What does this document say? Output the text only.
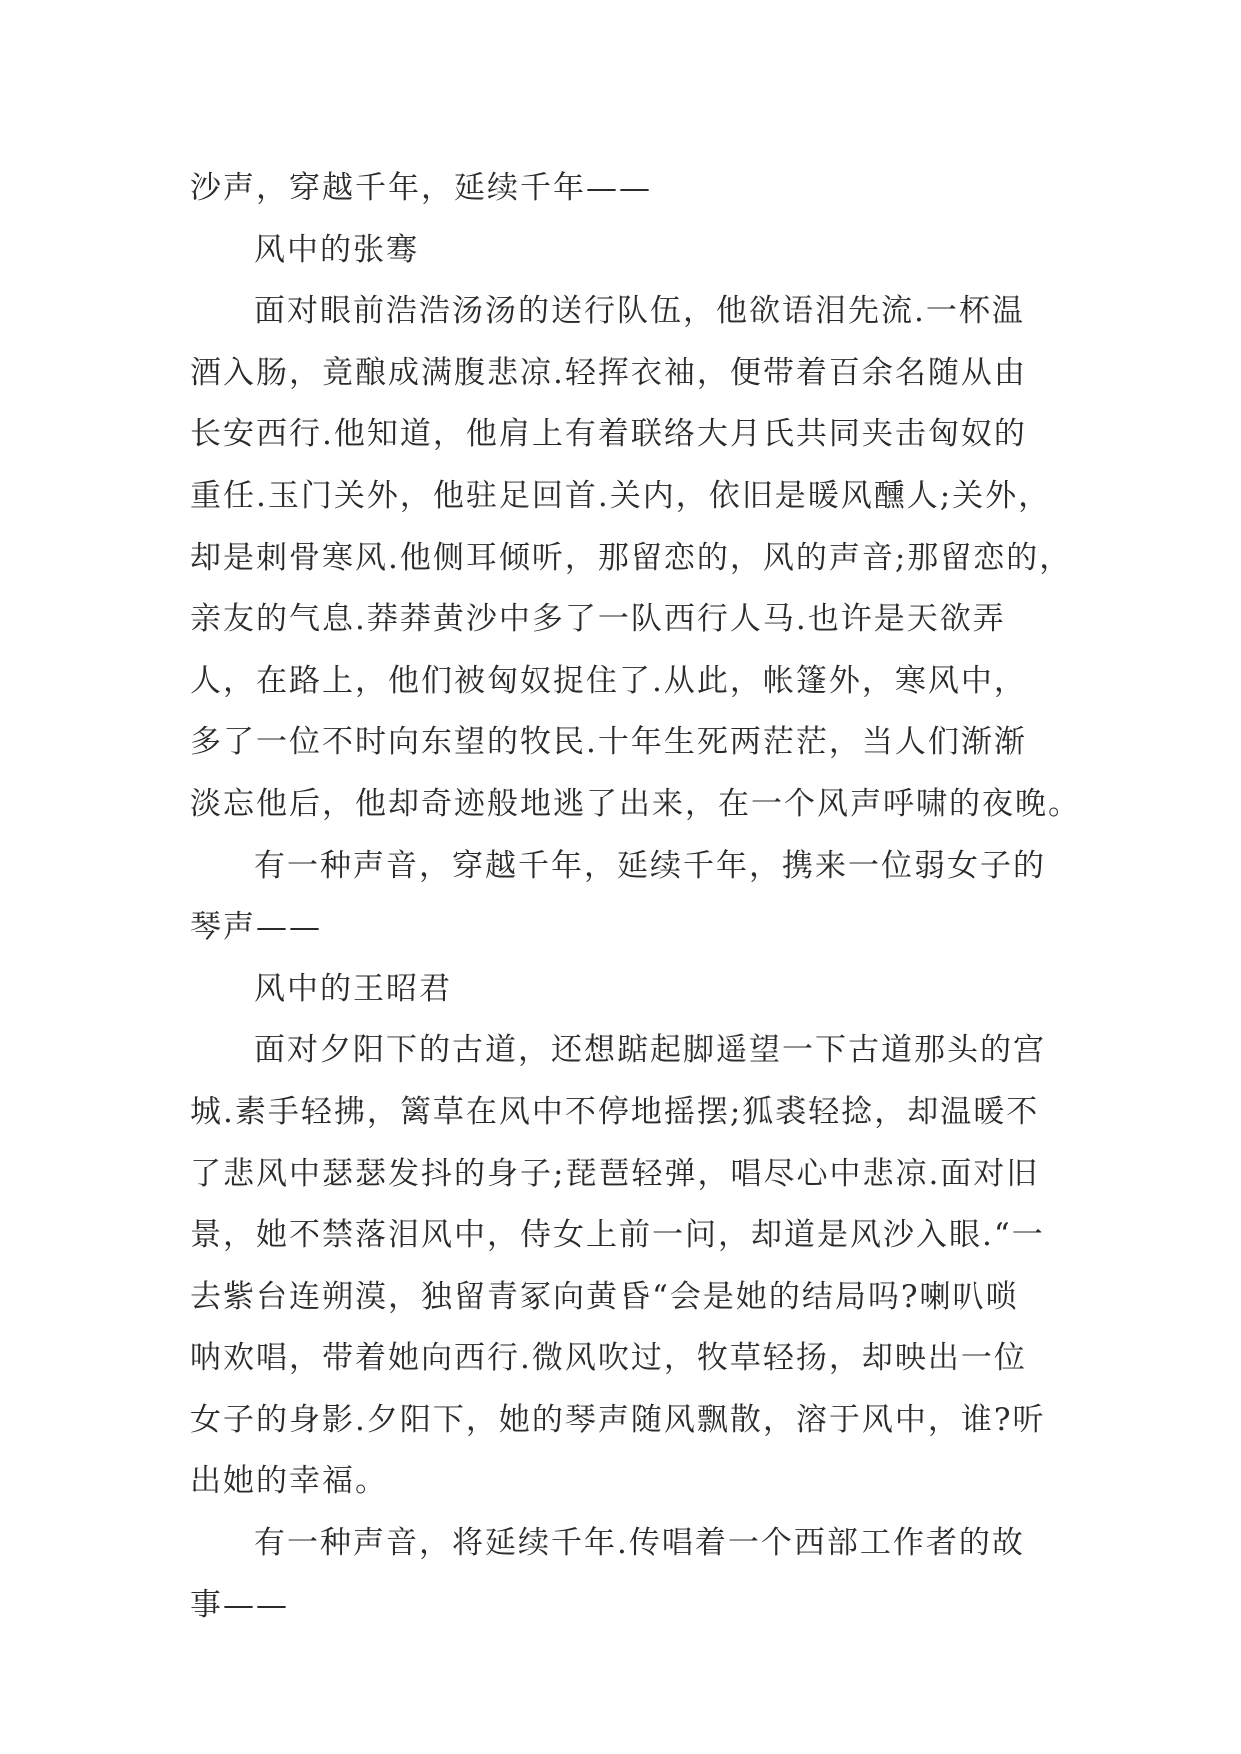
沙声，穿越千年，延续千年——
风中的张骞
面对眼前浩浩汤汤的送行队伍，他欲语泪先流.一杯温
酒入肠，竟酿成满腹悲凉.轻挥衣袖，便带着百余名随从由
长安西行.他知道，他肩上有着联络大月氏共同夹击匈奴的
重任.玉门关外，他驻足回首.关内，依旧是暖风醺人;关外，
却是刺骨寒风.他侧耳倾听，那留恋的，风的声音;那留恋的，
亲友的气息.莽莽黄沙中多了一队西行人马.也许是天欲弄
人，在路上，他们被匈奴捉住了.从此，帐篷外，寒风中，
多了一位不时向东望的牧民.十年生死两茫茫，当人们渐渐
淡忘他后，他却奇迹般地逃了出来，在一个风声呼啸的夜晚。
有一种声音，穿越千年，延续千年，携来一位弱女子的
琴声——
风中的王昭君
面对夕阳下的古道，还想踮起脚遥望一下古道那头的宫
城.素手轻拂，篱草在风中不停地摇摆;狐裘轻捻，却温暖不
了悲风中瑟瑟发抖的身子;琵琶轻弹，唱尽心中悲凉.面对旧
景，她不禁落泪风中，侍女上前一问，却道是风沙入眼.“一
去紫台连朔漠，独留青冢向黄昏“会是她的结局吗?喇叭唢
呐欢唱，带着她向西行.微风吹过，牧草轻扬，却映出一位
女子的身影.夕阳下，她的琴声随风飘散，溶于风中，谁?听
出她的幸福。
有一种声音，将延续千年.传唱着一个西部工作者的故
事——
